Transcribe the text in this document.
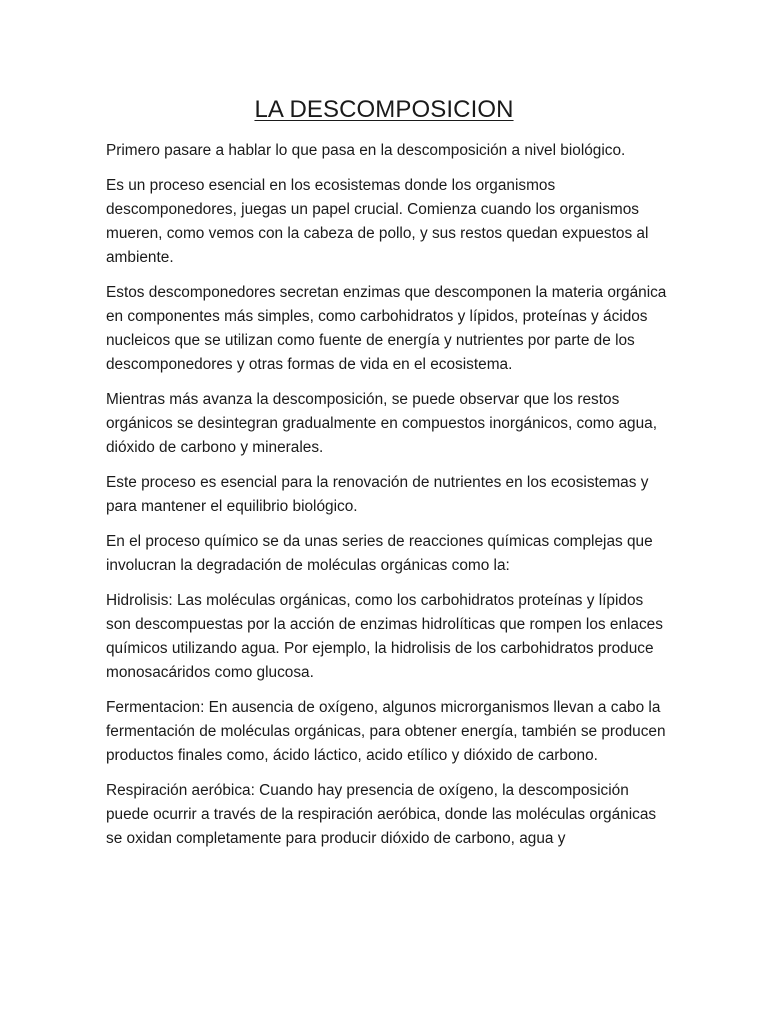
LA DESCOMPOSICION

Primero pasare a hablar lo que pasa en la descomposición a nivel biológico.

Es un proceso esencial en los ecosistemas donde los organismos descomponedores, juegas un papel crucial. Comienza cuando los organismos mueren, como vemos con la cabeza de pollo, y sus restos quedan expuestos al ambiente.

Estos descomponedores secretan enzimas que descomponen la materia orgánica en componentes más simples, como carbohidratos y lípidos, proteínas y ácidos nucleicos que se utilizan como fuente de energía y nutrientes por parte de los descomponedores y otras formas de vida en el ecosistema.

Mientras más avanza la descomposición, se puede observar que los restos orgánicos se desintegran gradualmente en compuestos inorgánicos, como agua, dióxido de carbono y minerales.

Este proceso es esencial para la renovación de nutrientes en los ecosistemas y para mantener el equilibrio biológico.

En el proceso químico se da unas series de reacciones químicas complejas que involucran la degradación de moléculas orgánicas como la:

Hidrolisis: Las moléculas orgánicas, como los carbohidratos proteínas y lípidos son descompuestas por la acción de enzimas hidrolíticas que rompen los enlaces químicos utilizando agua. Por ejemplo, la hidrolisis de los carbohidratos produce monosacáridos como glucosa.

Fermentacion: En ausencia de oxígeno, algunos microrganismos llevan a cabo la fermentación de moléculas orgánicas, para obtener energía, también se producen productos finales como, ácido láctico, acido etílico y dióxido de carbono.

Respiración aeróbica: Cuando hay presencia de oxígeno, la descomposición puede ocurrir a través de la respiración aeróbica, donde las moléculas orgánicas se oxidan completamente para producir dióxido de carbono, agua y
